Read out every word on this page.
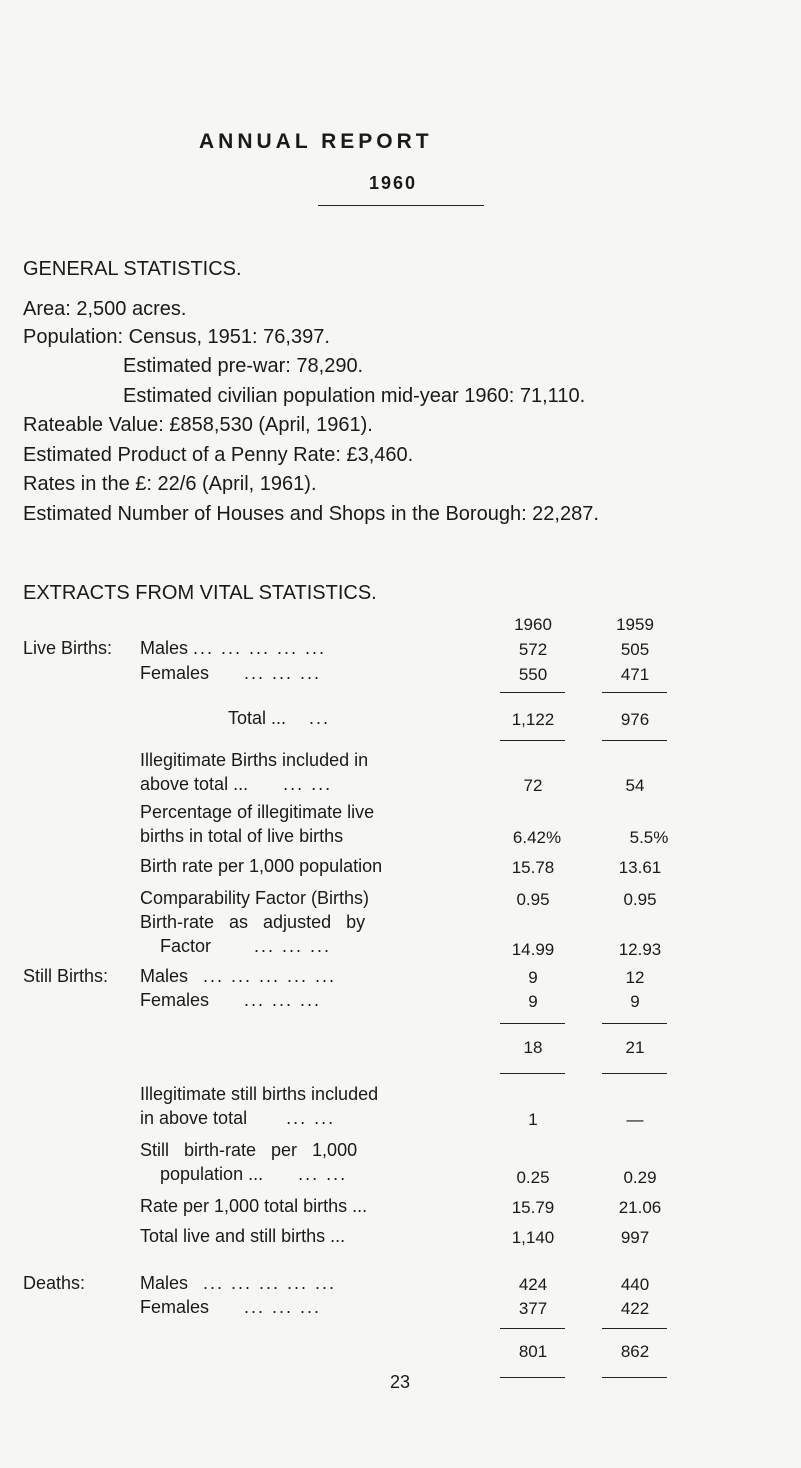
ANNUAL REPORT
1960
GENERAL STATISTICS.
Area: 2,500 acres.
Population: Census, 1951: 76,397.
Estimated pre-war: 78,290.
Estimated civilian population mid-year 1960: 71,110.
Rateable Value: £858,530 (April, 1961).
Estimated Product of a Penny Rate: £3,460.
Rates in the £: 22/6 (April, 1961).
Estimated Number of Houses and Shops in the Borough: 22,287.
EXTRACTS FROM VITAL STATISTICS.
1960	1959
Live Births: Males ... ... ... ... ...	572	505
Females ... ... ...	550	471
Total ... ...	1,122	976
Illegitimate Births included in
above total ... ... ...	72	54
Percentage of illegitimate live
births in total of live births	6.42%	5.5%
Birth rate per 1,000 population	15.78	13.61
Comparability Factor (Births)	0.95	0.95
Birth-rate as adjusted by
Factor ... ... ...	14.99	12.93
Still Births: Males ... ... ... ... ...	9	12
Females ... ... ...	9	9
18	21
Illegitimate still births included
in above total ... ...	1	—
Still birth-rate per 1,000
population ... ... ...	0.25	0.29
Rate per 1,000 total births ...	15.79	21.06
Total live and still births ...	1,140	997
Deaths:	Males ... ... ... ... ...	424	440
Females ... ... ...	377	422
801	862
23
